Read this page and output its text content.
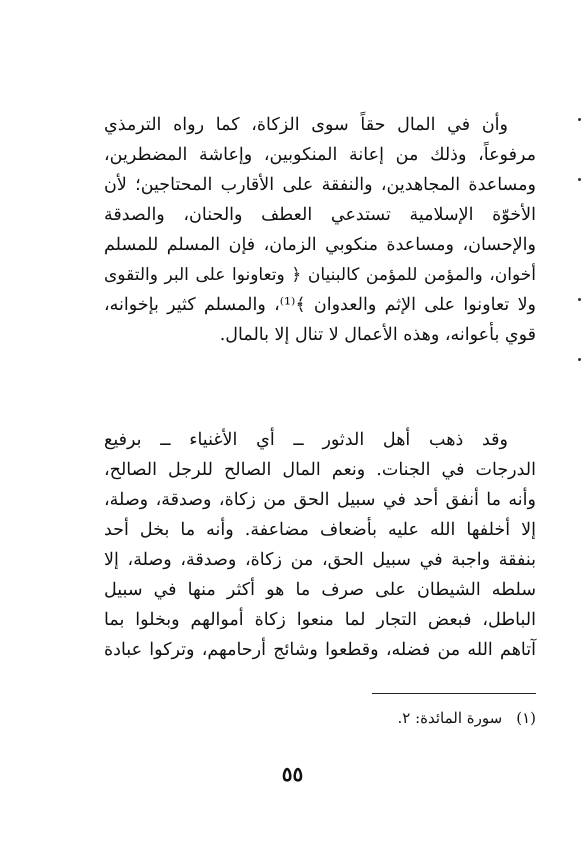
وأن في المال حقاً سوى الزكاة، كما رواه الترمذي
مرفوعاً، وذلك من إعانة المنكوبين، وإعاشة المضطرين،
ومساعدة المجاهدين، والنفقة على الأقارب المحتاجين؛ لأن
الأخوّة الإسلامية تستدعي العطف والحنان، والصدقة
والإحسان، ومساعدة منكوبي الزمان، فإن المسلم للمسلم
أخوان، والمؤمن للمؤمن كالبنيان ﴿ وتعاونوا على البر والتقوى
ولا تعاونوا على الإثم والعدوان ﴾⁽¹⁾، والمسلم كثير بإخوانه،
قوي بأعوانه، وهذه الأعمال لا تنال إلا بالمال.
وقد ذهب أهل الدثور ــ أي الأغنياء ــ برفيع
الدرجات في الجنات. ونعم المال الصالح للرجل الصالح،
وأنه ما أنفق أحد في سبيل الحق من زكاة، وصدقة، وصلة،
إلا أخلفها الله عليه بأضعاف مضاعفة. وأنه ما بخل أحد
بنفقة واجبة في سبيل الحق، من زكاة، وصدقة، وصلة، إلا
سلطه الشيطان على صرف ما هو أكثر منها في سبيل
الباطل، فبعض التجار لما منعوا زكاة أموالهم وبخلوا بما
آتاهم الله من فضله، وقطعوا وشائج أرحامهم، وتركوا عبادة
(١)سورة المائدة: ٢.
٥٥
